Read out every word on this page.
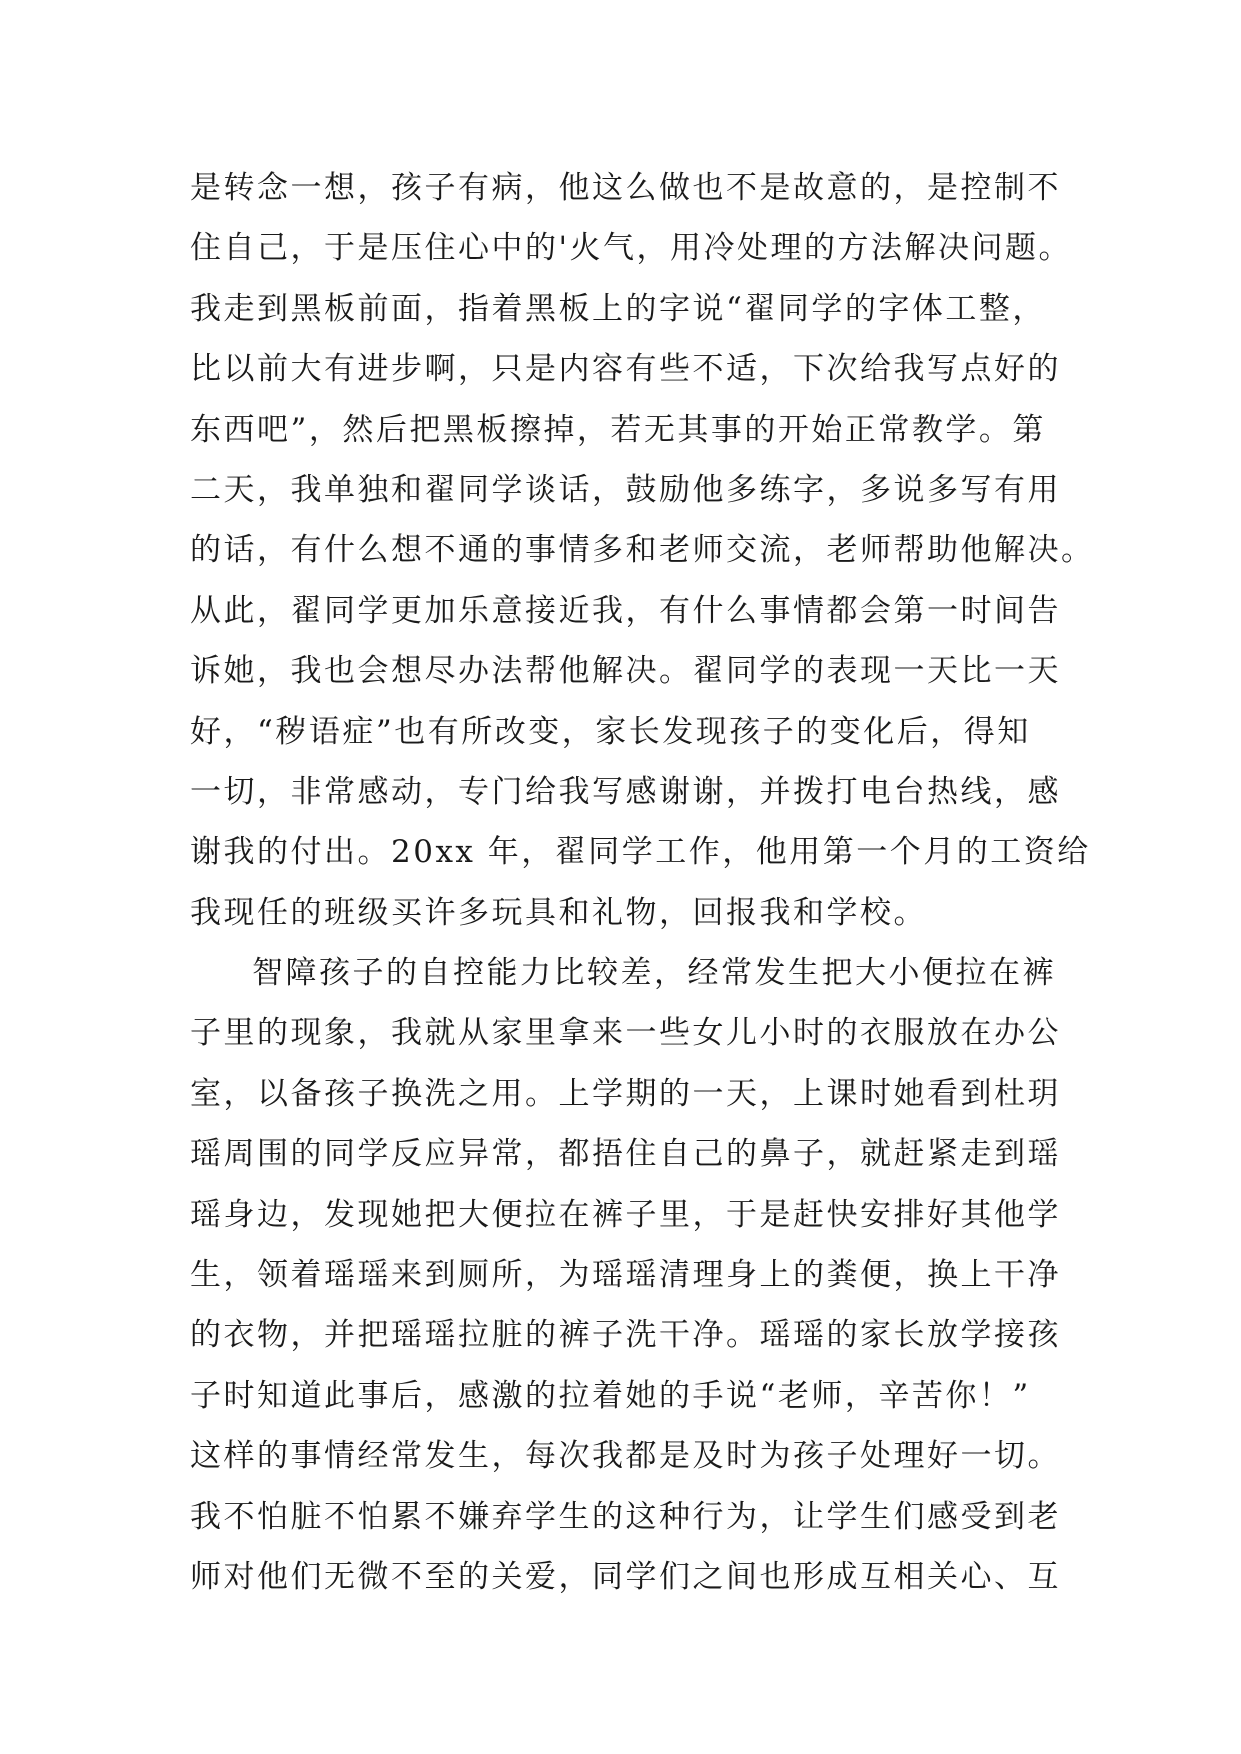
是转念一想，孩子有病，他这么做也不是故意的，是控制不
住自己，于是压住心中的'火气，用冷处理的方法解决问题。
我走到黑板前面，指着黑板上的字说“翟同学的字体工整，
比以前大有进步啊，只是内容有些不适，下次给我写点好的
东西吧”，然后把黑板擦掉，若无其事的开始正常教学。第
二天，我单独和翟同学谈话，鼓励他多练字，多说多写有用
的话，有什么想不通的事情多和老师交流，老师帮助他解决。
从此，翟同学更加乐意接近我，有什么事情都会第一时间告
诉她，我也会想尽办法帮他解决。翟同学的表现一天比一天
好，“秽语症”也有所改变，家长发现孩子的变化后，得知
一切，非常感动，专门给我写感谢谢，并拨打电台热线，感
谢我的付出。20xx 年，翟同学工作，他用第一个月的工资给
我现任的班级买许多玩具和礼物，回报我和学校。
智障孩子的自控能力比较差，经常发生把大小便拉在裤
子里的现象，我就从家里拿来一些女儿小时的衣服放在办公
室，以备孩子换洗之用。上学期的一天，上课时她看到杜玥
瑶周围的同学反应异常，都捂住自己的鼻子，就赶紧走到瑶
瑶身边，发现她把大便拉在裤子里，于是赶快安排好其他学
生，领着瑶瑶来到厕所，为瑶瑶清理身上的粪便，换上干净
的衣物，并把瑶瑶拉脏的裤子洗干净。瑶瑶的家长放学接孩
子时知道此事后，感激的拉着她的手说“老师，辛苦你！”
这样的事情经常发生，每次我都是及时为孩子处理好一切。
我不怕脏不怕累不嫌弃学生的这种行为，让学生们感受到老
师对他们无微不至的关爱，同学们之间也形成互相关心、互
